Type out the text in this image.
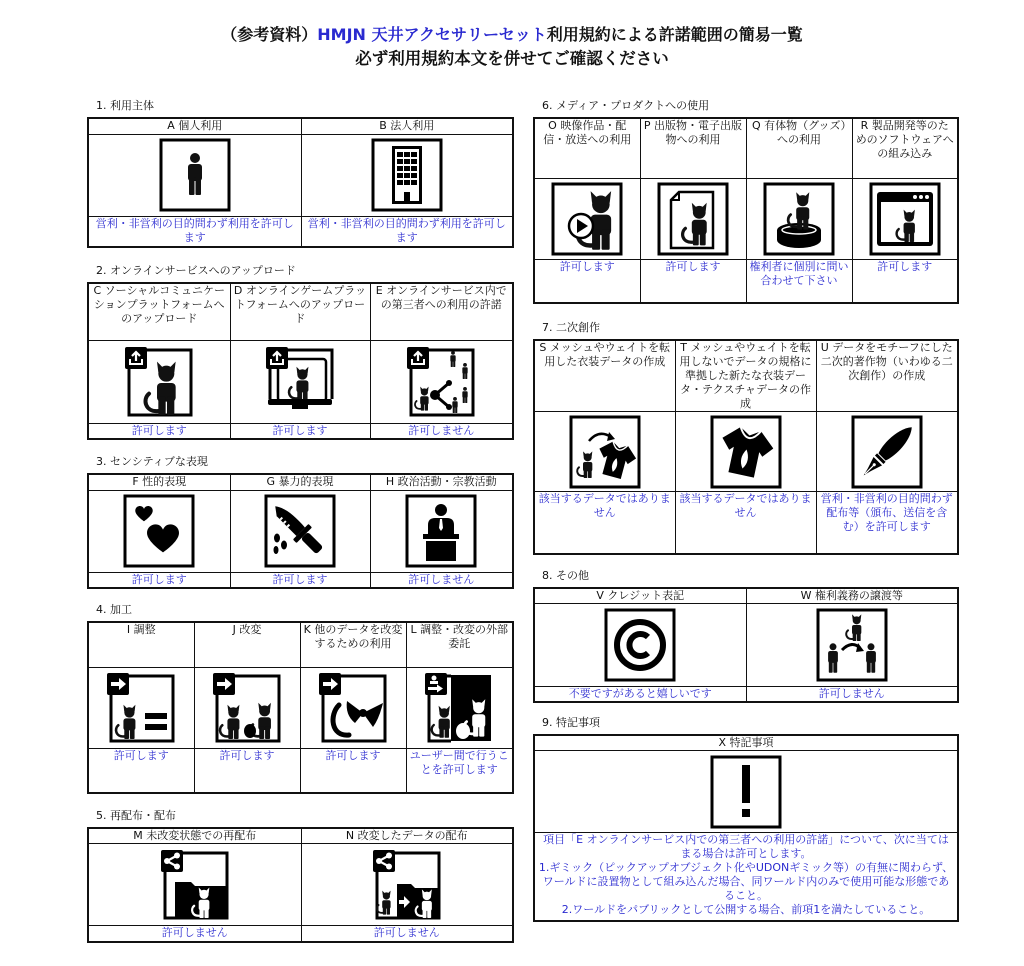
（参考資料）HMJN 天井アクセサリーセット利用規約による許諾範囲の簡易一覧
必ず利用規約本文を併せてご確認ください
1. 利用主体
A 個人利用	B 法人利用

営利・非営利の目的問わず利用を許可します	営利・非営利の目的問わず利用を許可します
2. オンラインサービスへのアップロード
C ソーシャルコミュニケーションプラットフォームへのアップロード	D オンラインゲームプラットフォームへのアップロード	E オンラインサービス内での第三者への利用の許諾

許可します	許可します	許可しません
3. センシティブな表現
F 性的表現	G 暴力的表現	H 政治活動・宗教活動

許可します	許可します	許可しません
4. 加工
I 調整	J 改変	K 他のデータを改変するための利用	L 調整・改変の外部委託

許可します	許可します	許可します	ユーザー間で行うことを許可します
5. 再配布・配布
M 未改変状態での再配布	N 改変したデータの配布

許可しません	許可しません
6. メディア・プロダクトへの使用
O 映像作品・配信・放送への利用	P 出版物・電子出版物への利用	Q 有体物（グッズ）への利用	R 製品開発等のためのソフトウェアへの組み込み

許可します	許可します	権利者に個別に問い合わせて下さい	許可します
7. 二次創作
S メッシュやウェイトを転用した衣装データの作成	T メッシュやウェイトを転用しないでデータの規格に準拠した新たな衣装データ・テクスチャデータの作成	U データをモチーフにした二次的著作物（いわゆる二次創作）の作成

該当するデータではありません	該当するデータではありません	営利・非営利の目的問わず配布等（頒布、送信を含む）を許可します
8. その他
V クレジット表記	W 権利義務の譲渡等

不要ですがあると嬉しいです	許可しません
9. 特記事項
X 特記事項

項目「E オンラインサービス内での第三者への利用の許諾」について、次に当てはまる場合は許可とします。
1.ギミック（ピックアップオブジェクト化やUDONギミック等）の有無に関わらず、ワールドに設置物として組み込んだ場合、同ワールド内のみで使用可能な形態であること。
2.ワールドをパブリックとして公開する場合、前項1を満たしていること。
